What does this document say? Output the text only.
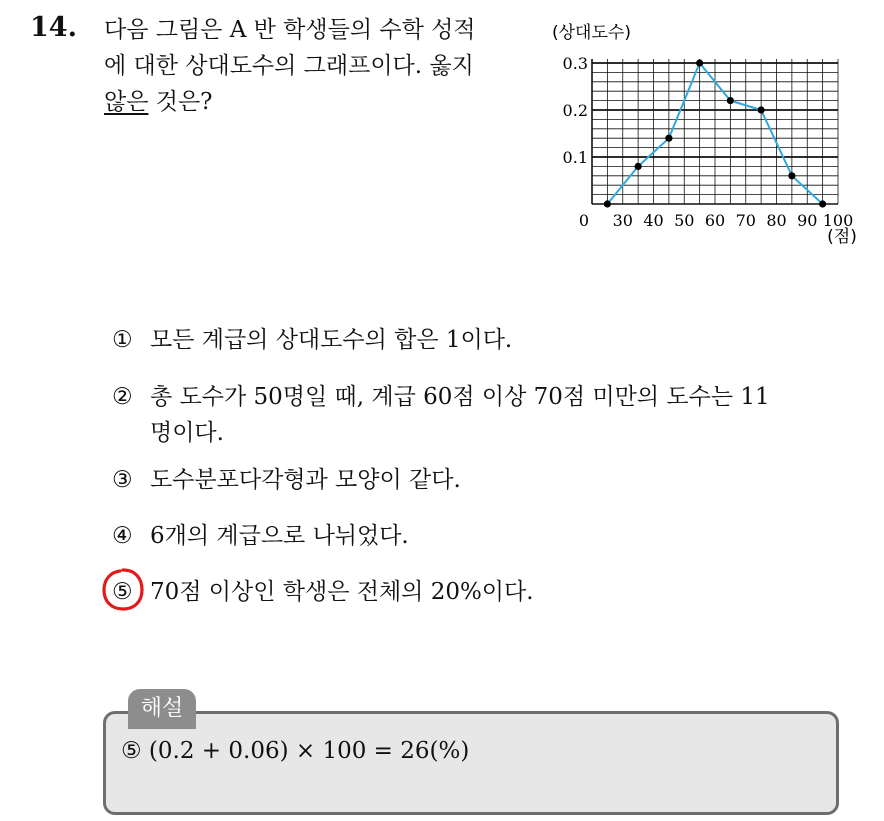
14. 다음 그림은 A 반 학생들의 수학 성적
에 대한 상대도수의 그래프이다. 옳지
않은 것은?
(상대도수)
0 30 40 50 60 70 80 90 100
0.1
0.2
0.3
(점)
① 모든 계급의 상대도수의 합은 1이다.
② 총 도수가 50명일 때, 계급 60점 이상 70점 미만의 도수는 11
명이다.
③ 도수분포다각형과 모양이 같다.
④ 6개의 계급으로 나뉘었다.
⑤ 70점 이상인 학생은 전체의 20%이다.
⑤ (0.2 + 0.06) × 100 = 26(%)
해설
